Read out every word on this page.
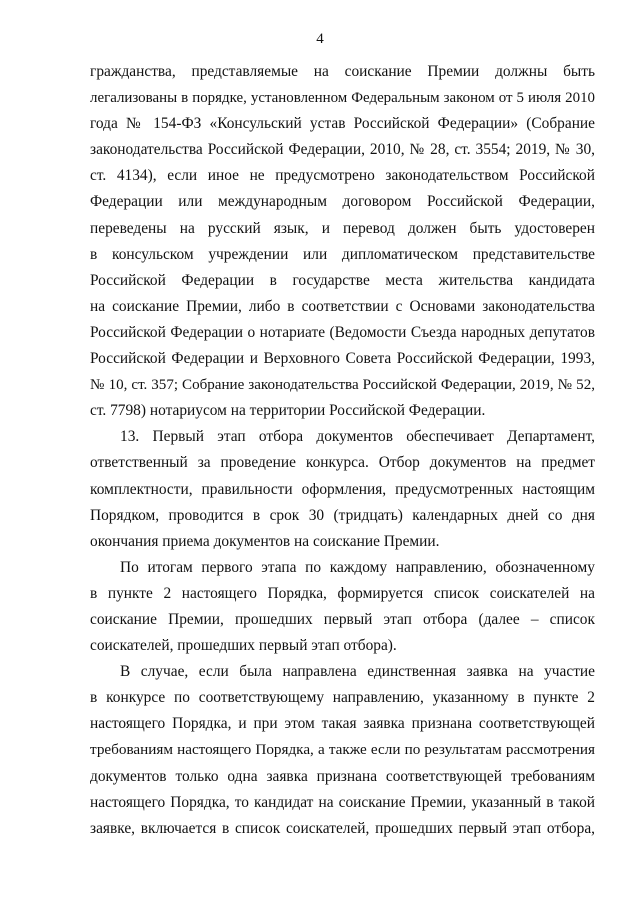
4
гражданства, представляемые на соискание Премии должны быть
легализованы в порядке, установленном Федеральным законом от 5 июля 2010
года № 154-ФЗ «Консульский устав Российской Федерации» (Собрание
законодательства Российской Федерации, 2010, № 28, ст. 3554; 2019, № 30,
ст. 4134), если иное не предусмотрено законодательством Российской
Федерации или международным договором Российской Федерации,
переведены на русский язык, и перевод должен быть удостоверен
в консульском учреждении или дипломатическом представительстве
Российской Федерации в государстве места жительства кандидата
на соискание Премии, либо в соответствии с Основами законодательства
Российской Федерации о нотариате (Ведомости Съезда народных депутатов
Российской Федерации и Верховного Совета Российской Федерации, 1993,
№ 10, ст. 357; Собрание законодательства Российской Федерации, 2019, № 52,
ст. 7798) нотариусом на территории Российской Федерации.
13. Первый этап отбора документов обеспечивает Департамент,
ответственный за проведение конкурса. Отбор документов на предмет
комплектности, правильности оформления, предусмотренных настоящим
Порядком, проводится в срок 30 (тридцать) календарных дней со дня
окончания приема документов на соискание Премии.
По итогам первого этапа по каждому направлению, обозначенному
в пункте 2 настоящего Порядка, формируется список соискателей на
соискание Премии, прошедших первый этап отбора (далее – список
соискателей, прошедших первый этап отбора).
В случае, если была направлена единственная заявка на участие
в конкурсе по соответствующему направлению, указанному в пункте 2
настоящего Порядка, и при этом такая заявка признана соответствующей
требованиям настоящего Порядка, а также если по результатам рассмотрения
документов только одна заявка признана соответствующей требованиям
настоящего Порядка, то кандидат на соискание Премии, указанный в такой
заявке, включается в список соискателей, прошедших первый этап отбора,
